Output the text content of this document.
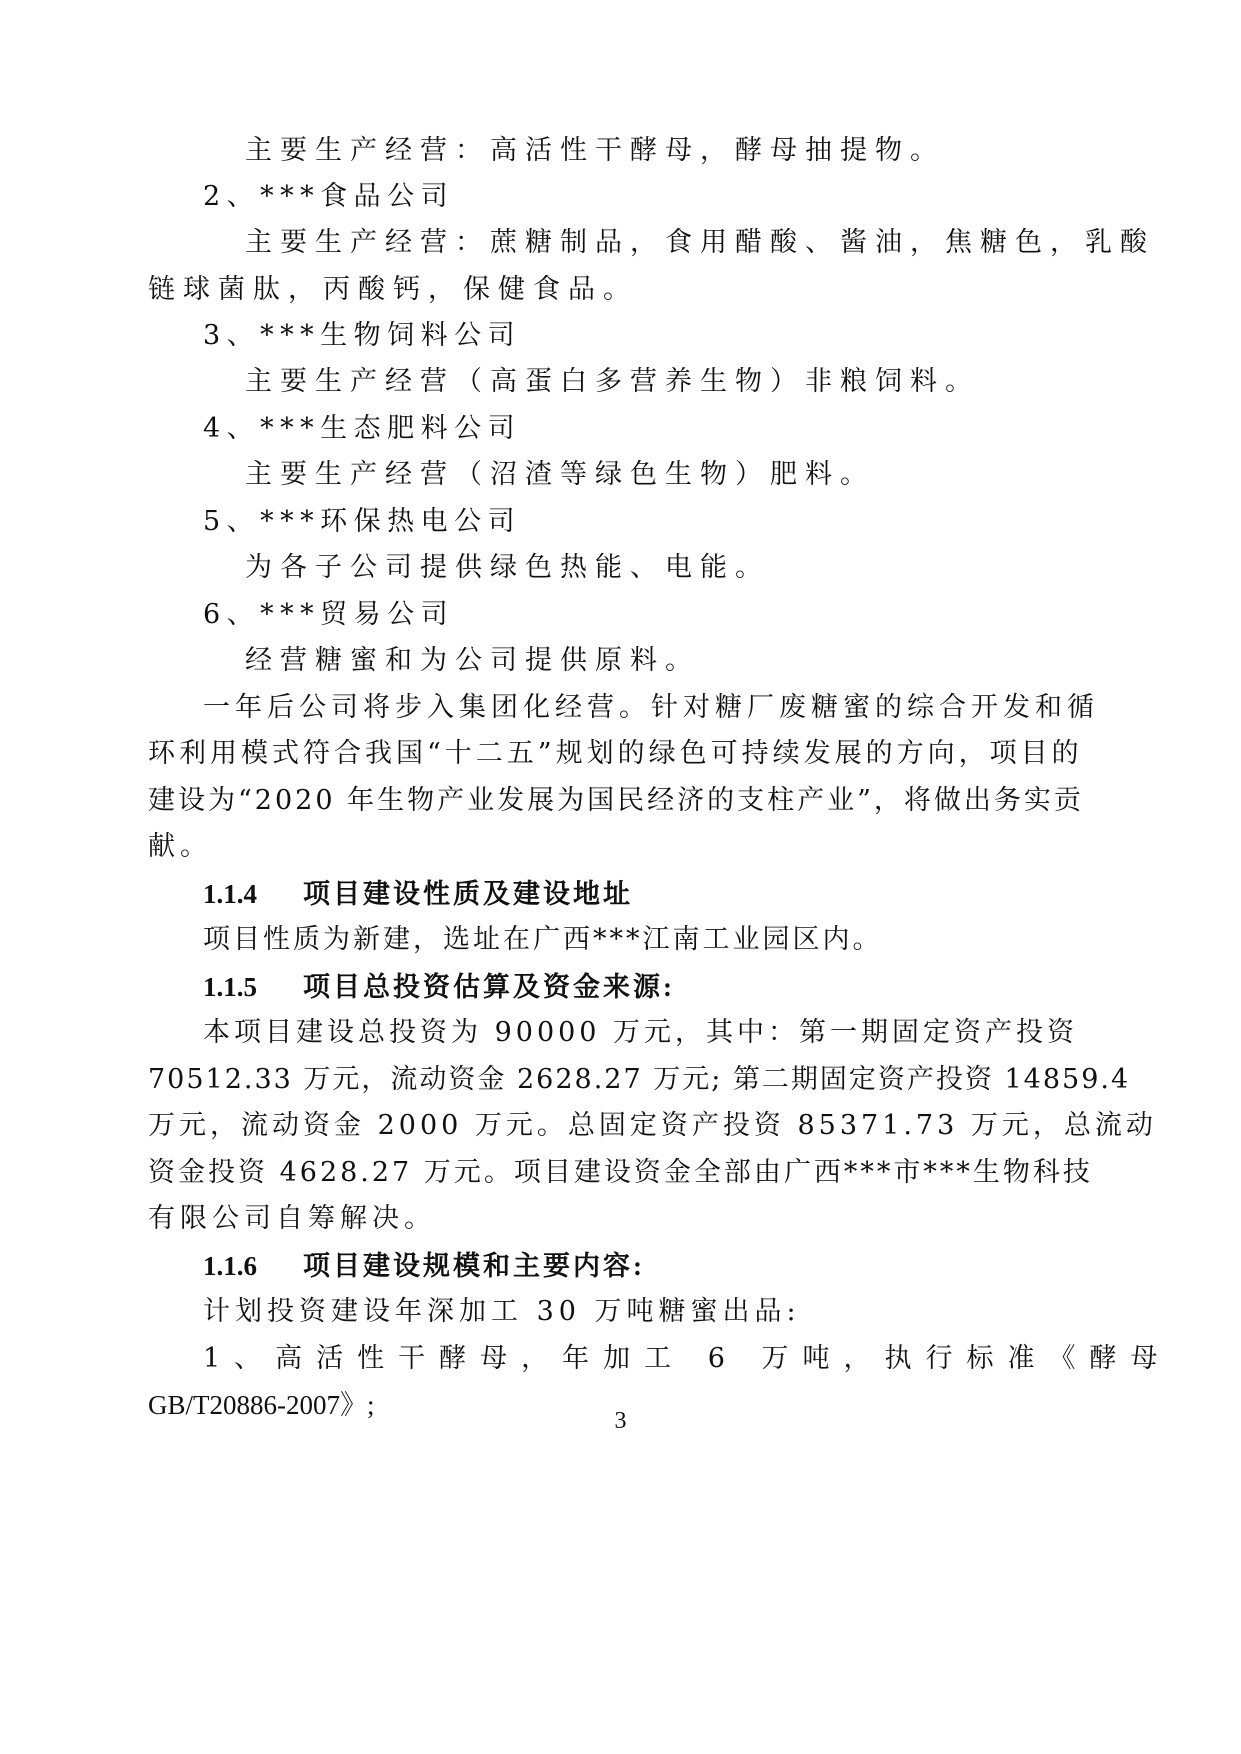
主要生产经营：高活性干酵母，酵母抽提物。

2、***食品公司

主要生产经营：蔗糖制品，食用醋酸、酱油，焦糖色，乳酸

链球菌肽，丙酸钙，保健食品。

3、***生物饲料公司

主要生产经营（高蛋白多营养生物）非粮饲料。

4、***生态肥料公司

主要生产经营（沼渣等绿色生物）肥料。

5、***环保热电公司

为各子公司提供绿色热能、电能。

6、***贸易公司

经营糖蜜和为公司提供原料。

一年后公司将步入集团化经营。针对糖厂废糖蜜的综合开发和循

环利用模式符合我国“十二五”规划的绿色可持续发展的方向，项目的

建设为“2020 年生物产业发展为国民经济的支柱产业”，将做出务实贡

献。

1.1.4 项目建设性质及建设地址

项目性质为新建，选址在广西***江南工业园区内。

1.1.5 项目总投资估算及资金来源:

本项目建设总投资为 90000 万元，其中：第一期固定资产投资

70512.33 万元，流动资金 2628.27 万元; 第二期固定资产投资 14859.4

万元，流动资金 2000 万元。总固定资产投资 85371.73 万元，总流动

资金投资 4628.27 万元。项目建设资金全部由广西***市***生物科技

有限公司自筹解决。

1.1.6 项目建设规模和主要内容:

计划投资建设年深加工 30 万吨糖蜜出品:

1、高活性干酵母，年加工 6 万吨，执行标准《酵母

GB/T20886-2007》;

3
